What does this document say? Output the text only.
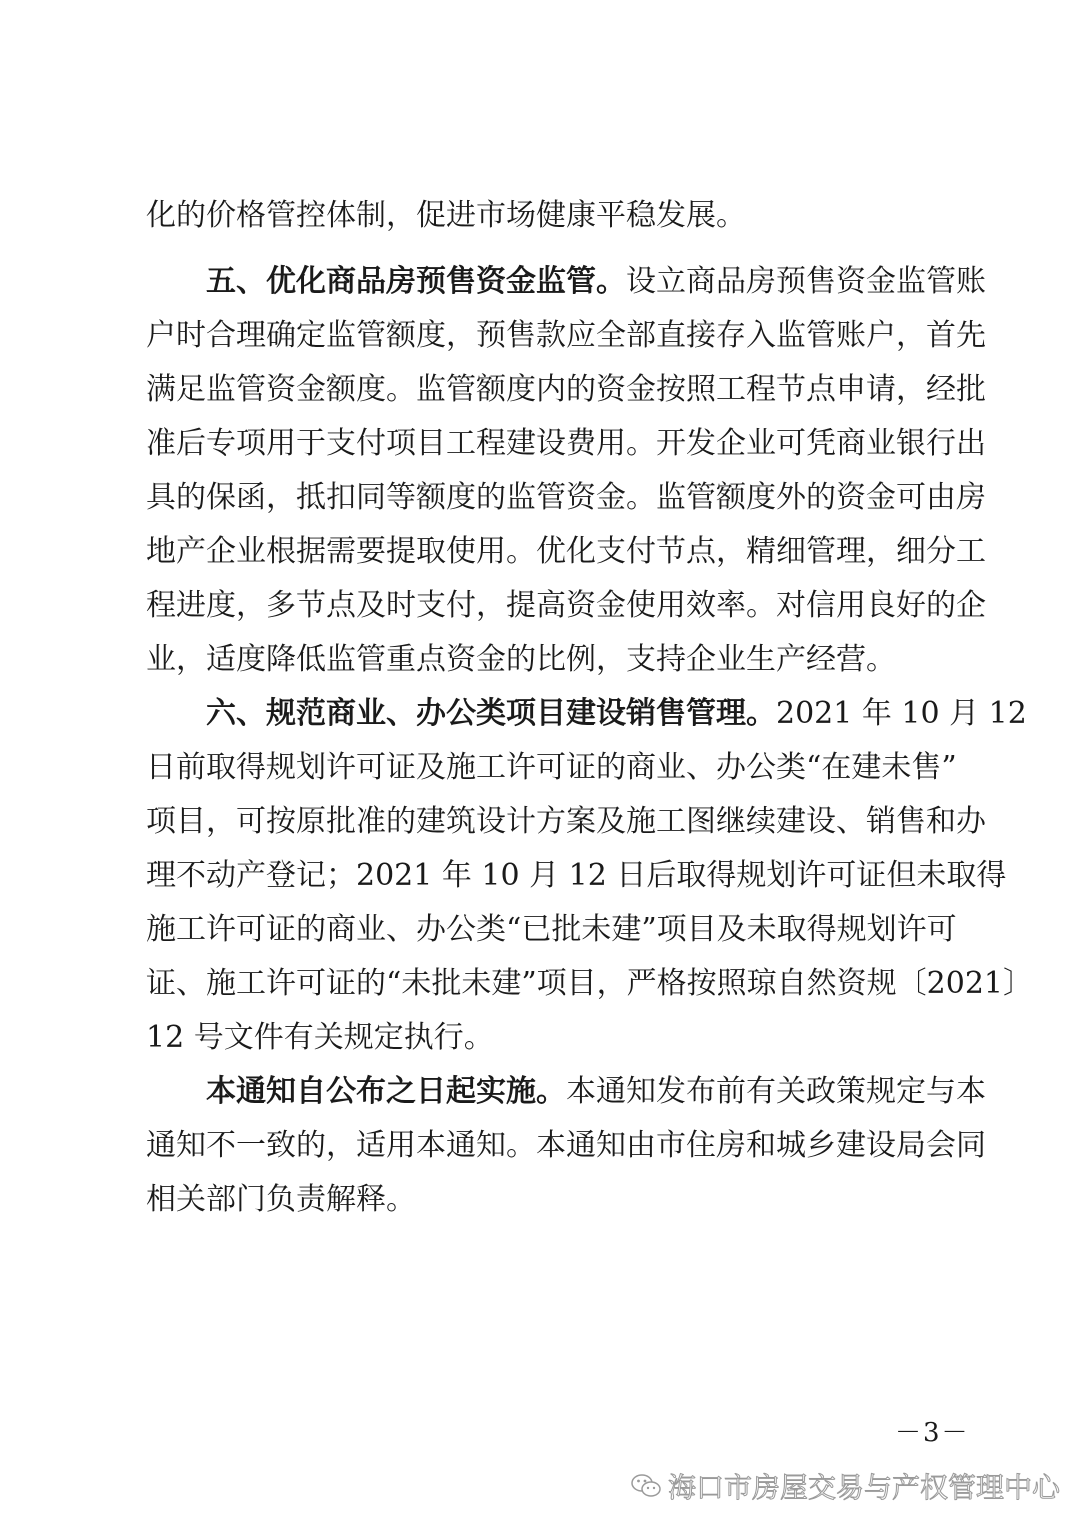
化的价格管控体制，促进市场健康平稳发展。
五、优化商品房预售资金监管。设立商品房预售资金监管账
户时合理确定监管额度，预售款应全部直接存入监管账户，首先
满足监管资金额度。监管额度内的资金按照工程节点申请，经批
准后专项用于支付项目工程建设费用。开发企业可凭商业银行出
具的保函，抵扣同等额度的监管资金。监管额度外的资金可由房
地产企业根据需要提取使用。优化支付节点，精细管理，细分工
程进度，多节点及时支付，提高资金使用效率。对信用良好的企
业，适度降低监管重点资金的比例，支持企业生产经营。
六、规范商业、办公类项目建设销售管理。2021 年 10 月 12
日前取得规划许可证及施工许可证的商业、办公类“在建未售”
项目，可按原批准的建筑设计方案及施工图继续建设、销售和办
理不动产登记；2021 年 10 月 12 日后取得规划许可证但未取得
施工许可证的商业、办公类“已批未建”项目及未取得规划许可
证、施工许可证的“未批未建”项目，严格按照琼自然资规〔2021〕
12 号文件有关规定执行。
本通知自公布之日起实施。本通知发布前有关政策规定与本
通知不一致的，适用本通知。本通知由市住房和城乡建设局会同
相关部门负责解释。
－3－
海口市房屋交易与产权管理中心
